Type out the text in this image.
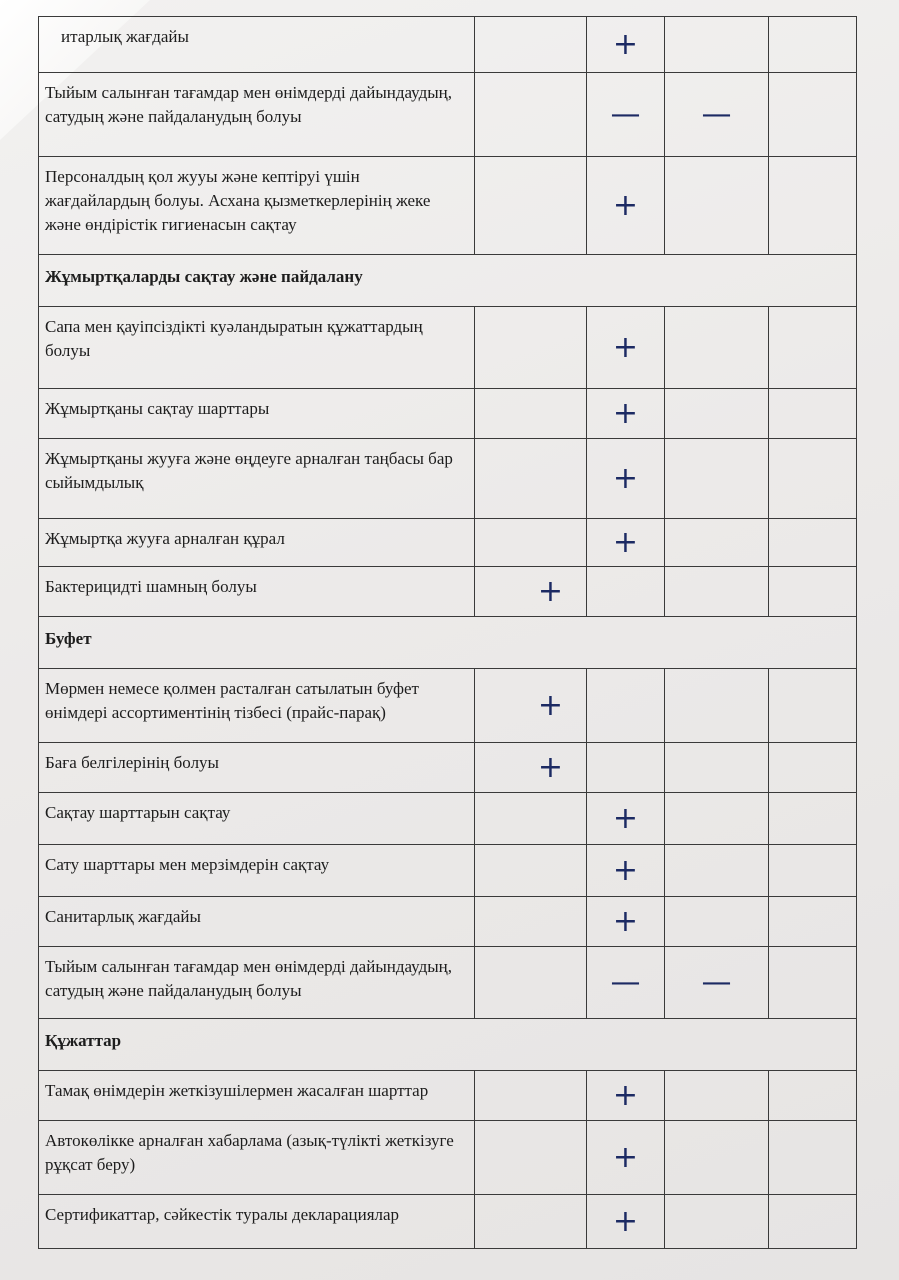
итарлық жағдайы		+		
Тыйым салынған тағамдар мен өнімдерді дайындаудың, сатудың және пайдаланудың болуы		—	—	
Персоналдың қол жууы және кептіруі үшін жағдайлардың болуы. Асхана қызметкерлерінің жеке және өндірістік гигиенасын сақтау		+		
Жұмыртқаларды сақтау және пайдалану				
Сапа мен қауіпсіздікті куәландыратын құжаттардың болуы		+		
Жұмыртқаны сақтау шарттары		+		
Жұмыртқаны жууға және өңдеуге арналған таңбасы бар сыйымдылық		+		
Жұмыртқа жууға арналған құрал		+		
Бактерицидті шамның болуы	+			
Буфет				
Мөрмен немесе қолмен расталған сатылатын буфет өнімдері ассортиментінің тізбесі (прайс-парақ)	+			
Баға белгілерінің болуы	+			
Сақтау шарттарын сақтау		+		
Сату шарттары мен мерзімдерін сақтау		+		
Санитарлық жағдайы		+		
Тыйым салынған тағамдар мен өнімдерді дайындаудың, сатудың және пайдаланудың болуы		—	—	
Құжаттар				
Тамақ өнімдерін жеткізушілермен жасалған шарттар		+		
Автокөлікке арналған хабарлама (азық-түлікті жеткізуге рұқсат беру)		+		
Сертификаттар, сәйкестік туралы декларациялар		+		
